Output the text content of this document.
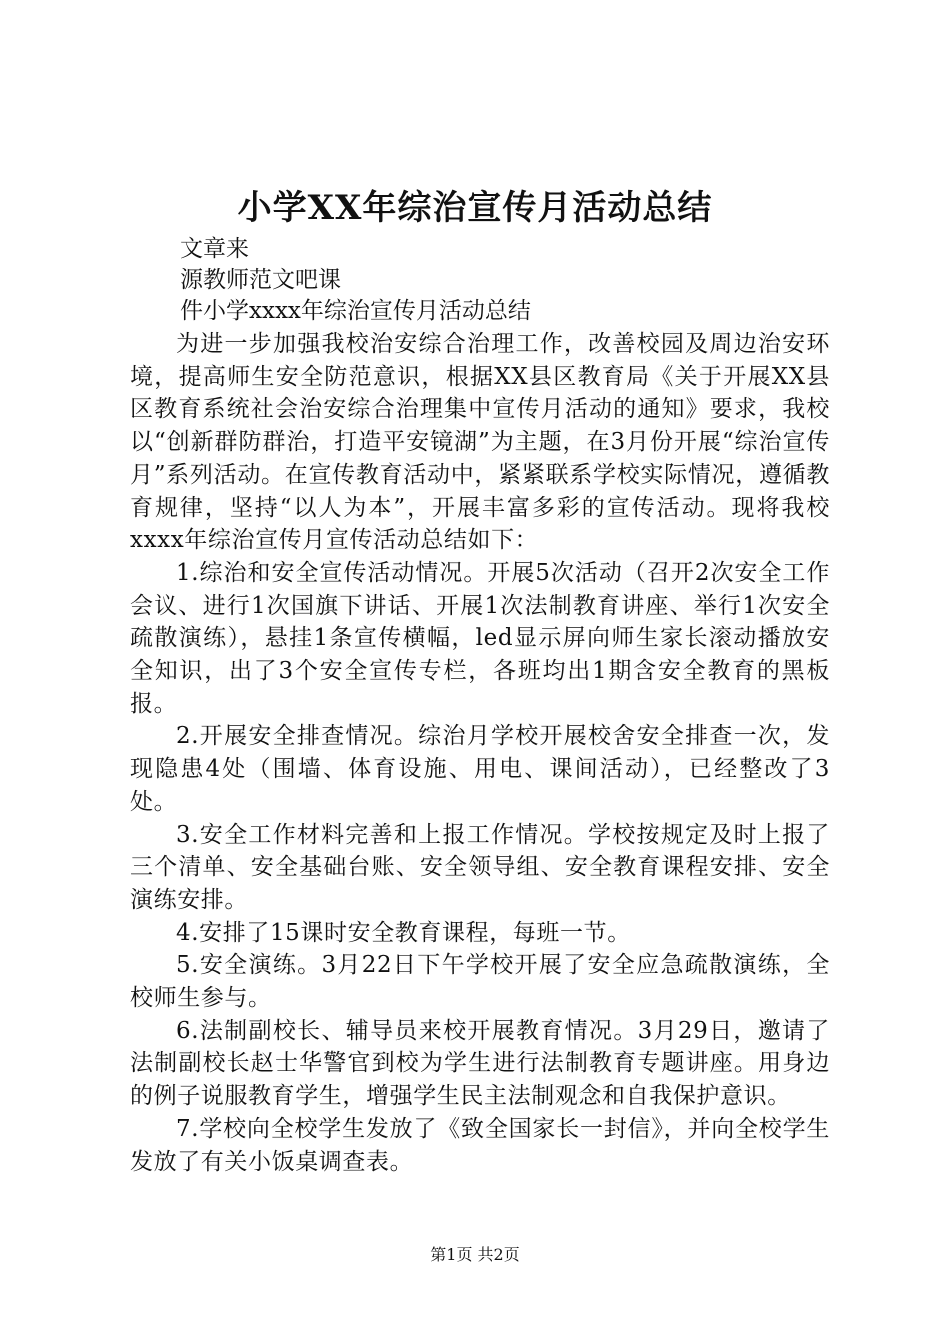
小学XX年综治宣传月活动总结
文章来
源教师范文吧课
件小学xxxx年综治宣传月活动总结

为进一步加强我校治安综合治理工作，改善校园及周边治安环境，提高师生安全防范意识，根据XX县区教育局《关于开展XX县区教育系统社会治安综合治理集中宣传月活动的通知》要求，我校以“创新群防群治，打造平安镜湖”为主题，在3月份开展“综治宣传月”系列活动。在宣传教育活动中，紧紧联系学校实际情况，遵循教育规律，坚持“以人为本”，开展丰富多彩的宣传活动。现将我校xxxx年综治宣传月宣传活动总结如下：

1.综治和安全宣传活动情况。开展5次活动（召开2次安全工作会议、进行1次国旗下讲话、开展1次法制教育讲座、举行1次安全疏散演练），悬挂1条宣传横幅，led显示屏向师生家长滚动播放安全知识，出了3个安全宣传专栏，各班均出1期含安全教育的黑板报。

2.开展安全排查情况。综治月学校开展校舍安全排查一次，发现隐患4处（围墙、体育设施、用电、课间活动），已经整改了3处。

3.安全工作材料完善和上报工作情况。学校按规定及时上报了三个清单、安全基础台账、安全领导组、安全教育课程安排、安全演练安排。

4.安排了15课时安全教育课程，每班一节。

5.安全演练。3月22日下午学校开展了安全应急疏散演练，全校师生参与。

6.法制副校长、辅导员来校开展教育情况。3月29日，邀请了法制副校长赵士华警官到校为学生进行法制教育专题讲座。用身边的例子说服教育学生，增强学生民主法制观念和自我保护意识。

7.学校向全校学生发放了《致全国家长一封信》，并向全校学生发放了有关小饭桌调查表。

第1页 共2页
